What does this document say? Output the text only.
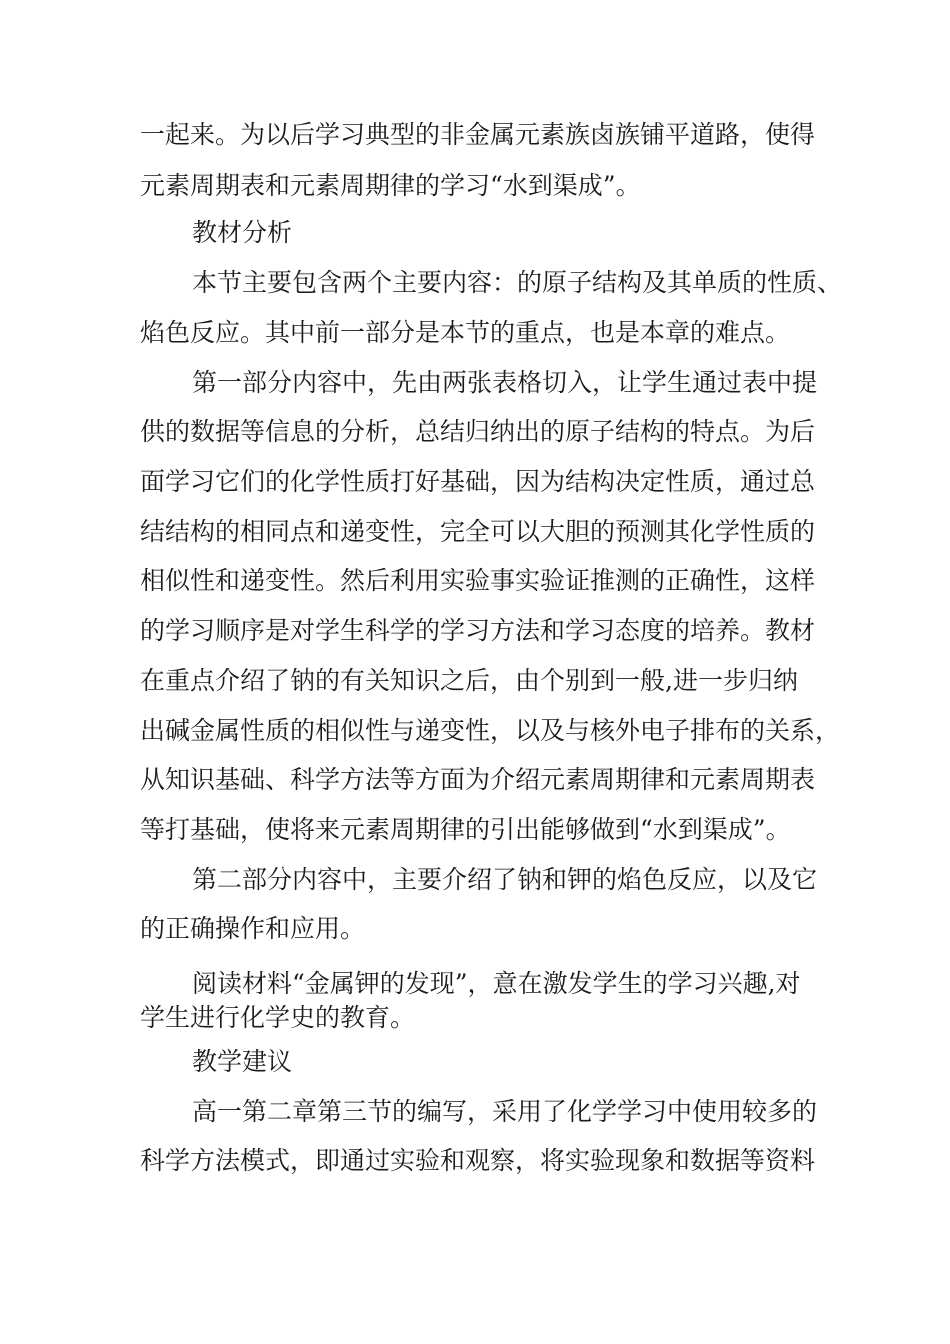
一起来。为以后学习典型的非金属元素族卤族铺平道路，使得
元素周期表和元素周期律的学习“水到渠成”。
教材分析
本节主要包含两个主要内容：的原子结构及其单质的性质、
焰色反应。其中前一部分是本节的重点，也是本章的难点。
第一部分内容中，先由两张表格切入，让学生通过表中提
供的数据等信息的分析，总结归纳出的原子结构的特点。为后
面学习它们的化学性质打好基础，因为结构决定性质，通过总
结结构的相同点和递变性，完全可以大胆的预测其化学性质的
相似性和递变性。然后利用实验事实验证推测的正确性，这样
的学习顺序是对学生科学的学习方法和学习态度的培养。教材
在重点介绍了钠的有关知识之后，由个别到一般,进一步归纳
出碱金属性质的相似性与递变性，以及与核外电子排布的关系，
从知识基础、科学方法等方面为介绍元素周期律和元素周期表
等打基础，使将来元素周期律的引出能够做到“水到渠成”。
第二部分内容中，主要介绍了钠和钾的焰色反应，以及它
的正确操作和应用。
阅读材料“金属钾的发现”，意在激发学生的学习兴趣,对
学生进行化学史的教育。
教学建议
高一第二章第三节的编写，采用了化学学习中使用较多的
科学方法模式，即通过实验和观察，将实验现象和数据等资料
